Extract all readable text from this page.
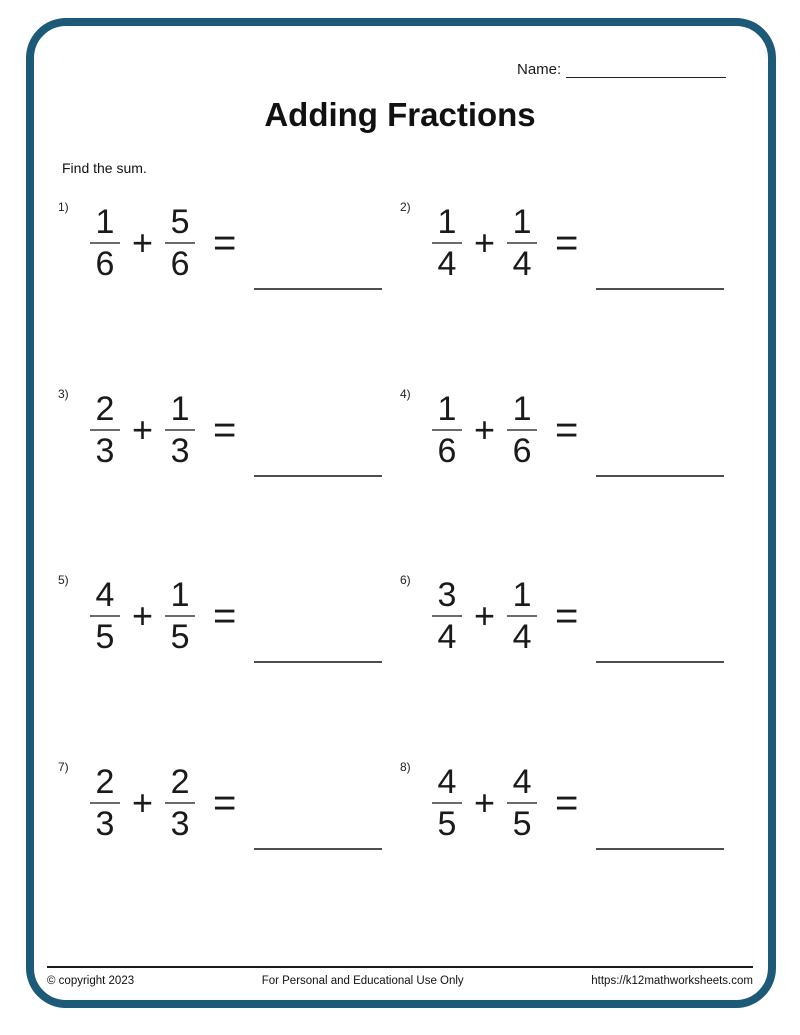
Name:
Adding Fractions
Find the sum.
$1) \frac{1}{6} + \frac{5}{6}$ =
$2) \frac{1}{4} + \frac{1}{4}$ =
$3) \frac{2}{3} + \frac{1}{3}$ =
$4) \frac{1}{6} + \frac{1}{6}$ =
$5) \frac{4}{5} + \frac{1}{5}$ =
$6) \frac{3}{4} + \frac{1}{4}$ =
$7) \frac{2}{3} + \frac{2}{3}$ =
$8) \frac{4}{5} + \frac{4}{5}$ =
© copyright 2023	For Personal and Educational Use Only	https://k12mathworksheets.com
